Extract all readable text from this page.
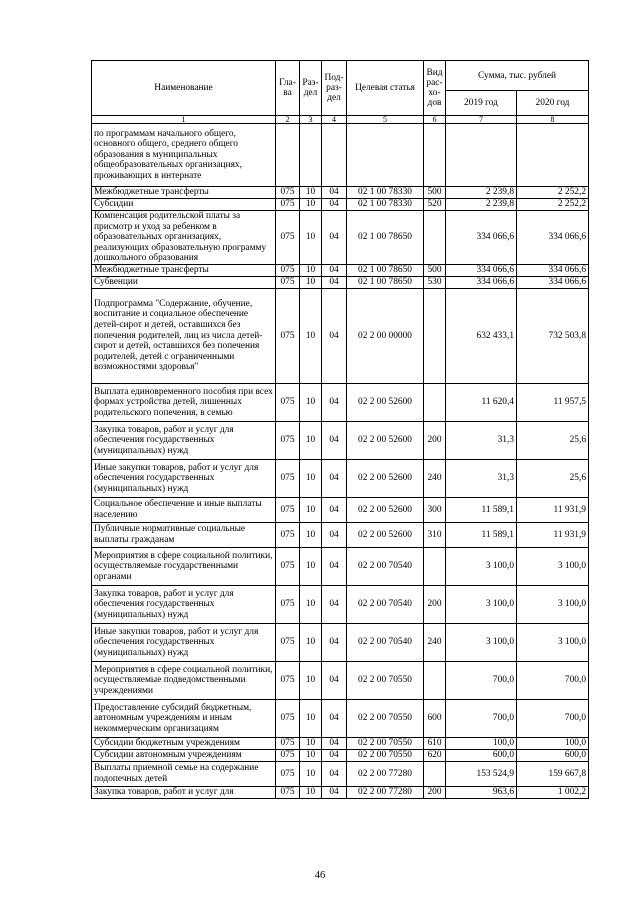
Наименование	Гла-ва	Раз-дел	Под-раз-дел	Целевая статья	Вид рас-хо-дов	Сумма, тыс. рублей	
						2019 год	2020 год
1	2	3	4	5	6	7	8
по программам начального общего, основного общего, среднего общего образования в муниципальных общеобразовательных организациях, проживающих в интернате							
Межбюджетные трансферты	075	10	04	02 1 00 78330	500	2 239,8	2 252,2
Субсидии	075	10	04	02 1 00 78330	520	2 239,8	2 252,2
Компенсация родительской платы за присмотр и уход за ребенком в образовательных организациях, реализующих образовательную программу дошкольного образования	075	10	04	02 1 00 78650		334 066,6	334 066,6
Межбюджетные трансферты	075	10	04	02 1 00 78650	500	334 066,6	334 066,6
Субвенции	075	10	04	02 1 00 78650	530	334 066,6	334 066,6
Подпрограмма "Содержание, обучение, воспитание и социальное обеспечение детей-сирот и детей, оставшихся без попечения родителей, лиц из числа детей-сирот и детей, оставшихся без попечения родителей, детей с ограниченными возможностями здоровья"	075	10	04	02 2 00 00000		632 433,1	732 503,8
Выплата единовременного пособия при всех формах устройства детей, лишенных родительского попечения, в семью	075	10	04	02 2 00 52600		11 620,4	11 957,5
Закупка товаров, работ и услуг для обеспечения государственных (муниципальных) нужд	075	10	04	02 2 00 52600	200	31,3	25,6
Иные закупки товаров, работ и услуг для обеспечения государственных (муниципальных) нужд	075	10	04	02 2 00 52600	240	31,3	25,6
Социальное обеспечение и иные выплаты населению	075	10	04	02 2 00 52600	300	11 589,1	11 931,9
Публичные нормативные социальные выплаты гражданам	075	10	04	02 2 00 52600	310	11 589,1	11 931,9
Мероприятия в сфере социальной политики, осуществляемые государственными органами	075	10	04	02 2 00 70540		3 100,0	3 100,0
Закупка товаров, работ и услуг для обеспечения государственных (муниципальных) нужд	075	10	04	02 2 00 70540	200	3 100,0	3 100,0
Иные закупки товаров, работ и услуг для обеспечения государственных (муниципальных) нужд	075	10	04	02 2 00 70540	240	3 100,0	3 100,0
Мероприятия в сфере социальной политики, осуществляемые подведомственными учреждениями	075	10	04	02 2 00 70550		700,0	700,0
Предоставление субсидий бюджетным, автономным учреждениям и иным некоммерческим организациям	075	10	04	02 2 00 70550	600	700,0	700,0
Субсидии бюджетным учреждениям	075	10	04	02 2 00 70550	610	100,0	100,0
Субсидии автономным учреждениям	075	10	04	02 2 00 70550	620	600,0	600,0
Выплаты приемной семье на содержание подопечных детей	075	10	04	02 2 00 77280		153 524,9	159 667,8
Закупка товаров, работ и услуг для	075	10	04	02 2 00 77280	200	963,6	1 002,2
46
